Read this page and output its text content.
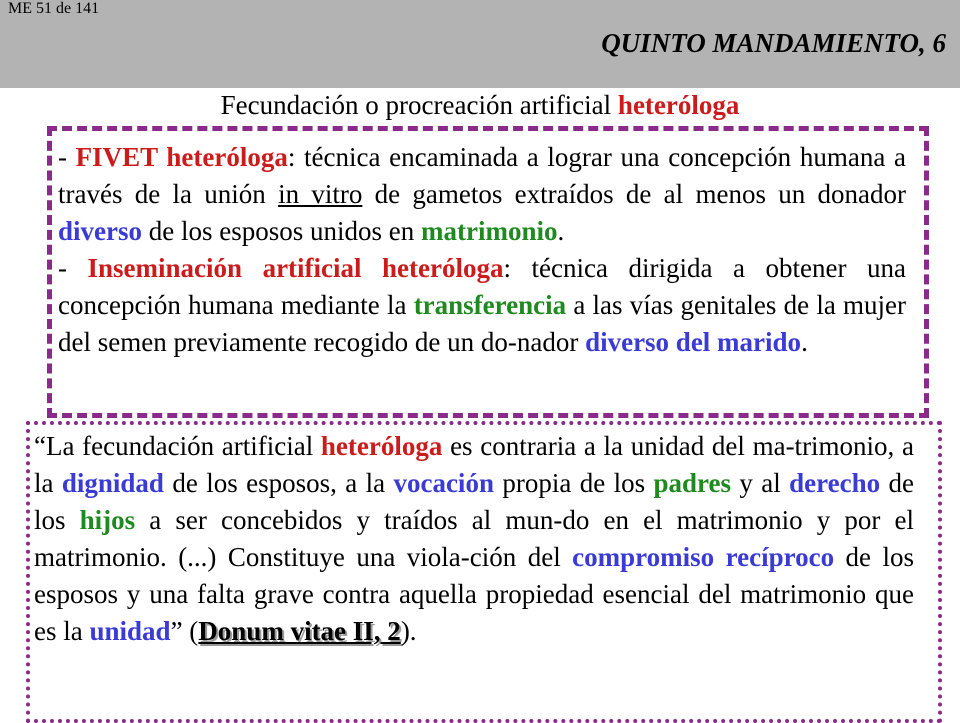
ME 51 de 141
QUINTO MANDAMIENTO, 6
Fecundación o procreación artificial heteróloga
- FIVET heteróloga: técnica encaminada a lograr una concepción humana a través de la unión in vitro de gametos extraídos de al menos un donador diverso de los esposos unidos en matrimonio.
- Inseminación artificial heteróloga: técnica dirigida a obtener una concepción humana mediante la transferencia a las vías genitales de la mujer del semen previamente recogido de un do-nador diverso del marido.
“La fecundación artificial heteróloga es contraria a la unidad del ma-trimonio, a la dignidad de los esposos, a la vocación propia de los padres y al derecho de los hijos a ser concebidos y traídos al mun-do en el matrimonio y por el matrimonio. (...) Constituye una viola-ción del compromiso recíproco de los esposos y una falta grave contra aquella propiedad esencial del matrimonio que es la unidad” (Donum vitae II, 2).
